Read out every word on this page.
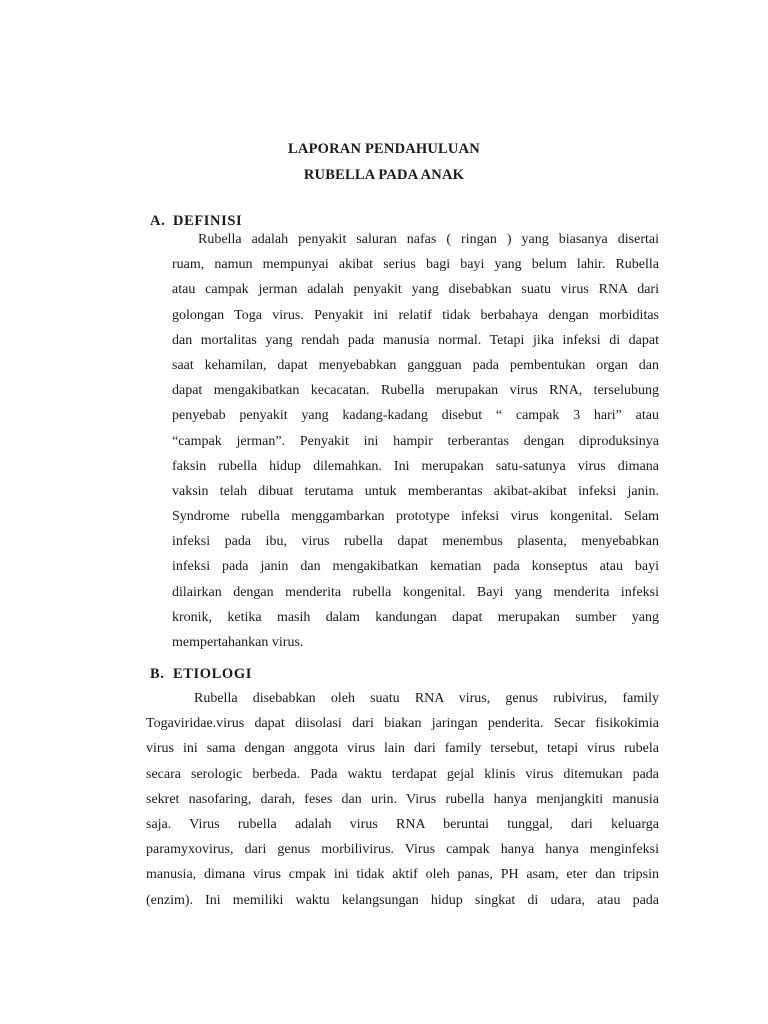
LAPORAN PENDAHULUAN
RUBELLA PADA ANAK
A. DEFINISI
Rubella adalah penyakit saluran nafas ( ringan ) yang biasanya disertai
ruam, namun mempunyai akibat serius bagi bayi yang belum lahir. Rubella
atau campak jerman adalah penyakit yang disebabkan suatu virus RNA dari
golongan Toga virus. Penyakit ini relatif tidak berbahaya dengan morbiditas
dan mortalitas yang rendah pada manusia normal. Tetapi jika infeksi di dapat
saat kehamilan, dapat menyebabkan gangguan pada pembentukan organ dan
dapat mengakibatkan kecacatan. Rubella merupakan virus RNA, terselubung
penyebab penyakit yang kadang-kadang disebut “ campak 3 hari” atau
“campak jerman”. Penyakit ini hampir terberantas dengan diproduksinya
faksin rubella hidup dilemahkan. Ini merupakan satu-satunya virus dimana
vaksin telah dibuat terutama untuk memberantas akibat-akibat infeksi janin.
Syndrome rubella menggambarkan prototype infeksi virus kongenital. Selam
infeksi pada ibu, virus rubella dapat menembus plasenta, menyebabkan
infeksi pada janin dan mengakibatkan kematian pada konseptus atau bayi
dilairkan dengan menderita rubella kongenital. Bayi yang menderita infeksi
kronik, ketika masih dalam kandungan dapat merupakan sumber yang
mempertahankan virus.
B. ETIOLOGI
Rubella disebabkan oleh suatu RNA virus, genus rubivirus, family
Togaviridae.virus dapat diisolasi dari biakan jaringan penderita. Secar fisikokimia
virus ini sama dengan anggota virus lain dari family tersebut, tetapi virus rubela
secara serologic berbeda. Pada waktu terdapat gejal klinis virus ditemukan pada
sekret nasofaring, darah, feses dan urin. Virus rubella hanya menjangkiti manusia
saja. Virus rubella adalah virus RNA beruntai tunggal, dari keluarga
paramyxovirus, dari genus morbilivirus. Virus campak hanya hanya menginfeksi
manusia, dimana virus cmpak ini tidak aktif oleh panas, PH asam, eter dan tripsin
(enzim). Ini memiliki waktu kelangsungan hidup singkat di udara, atau pada
